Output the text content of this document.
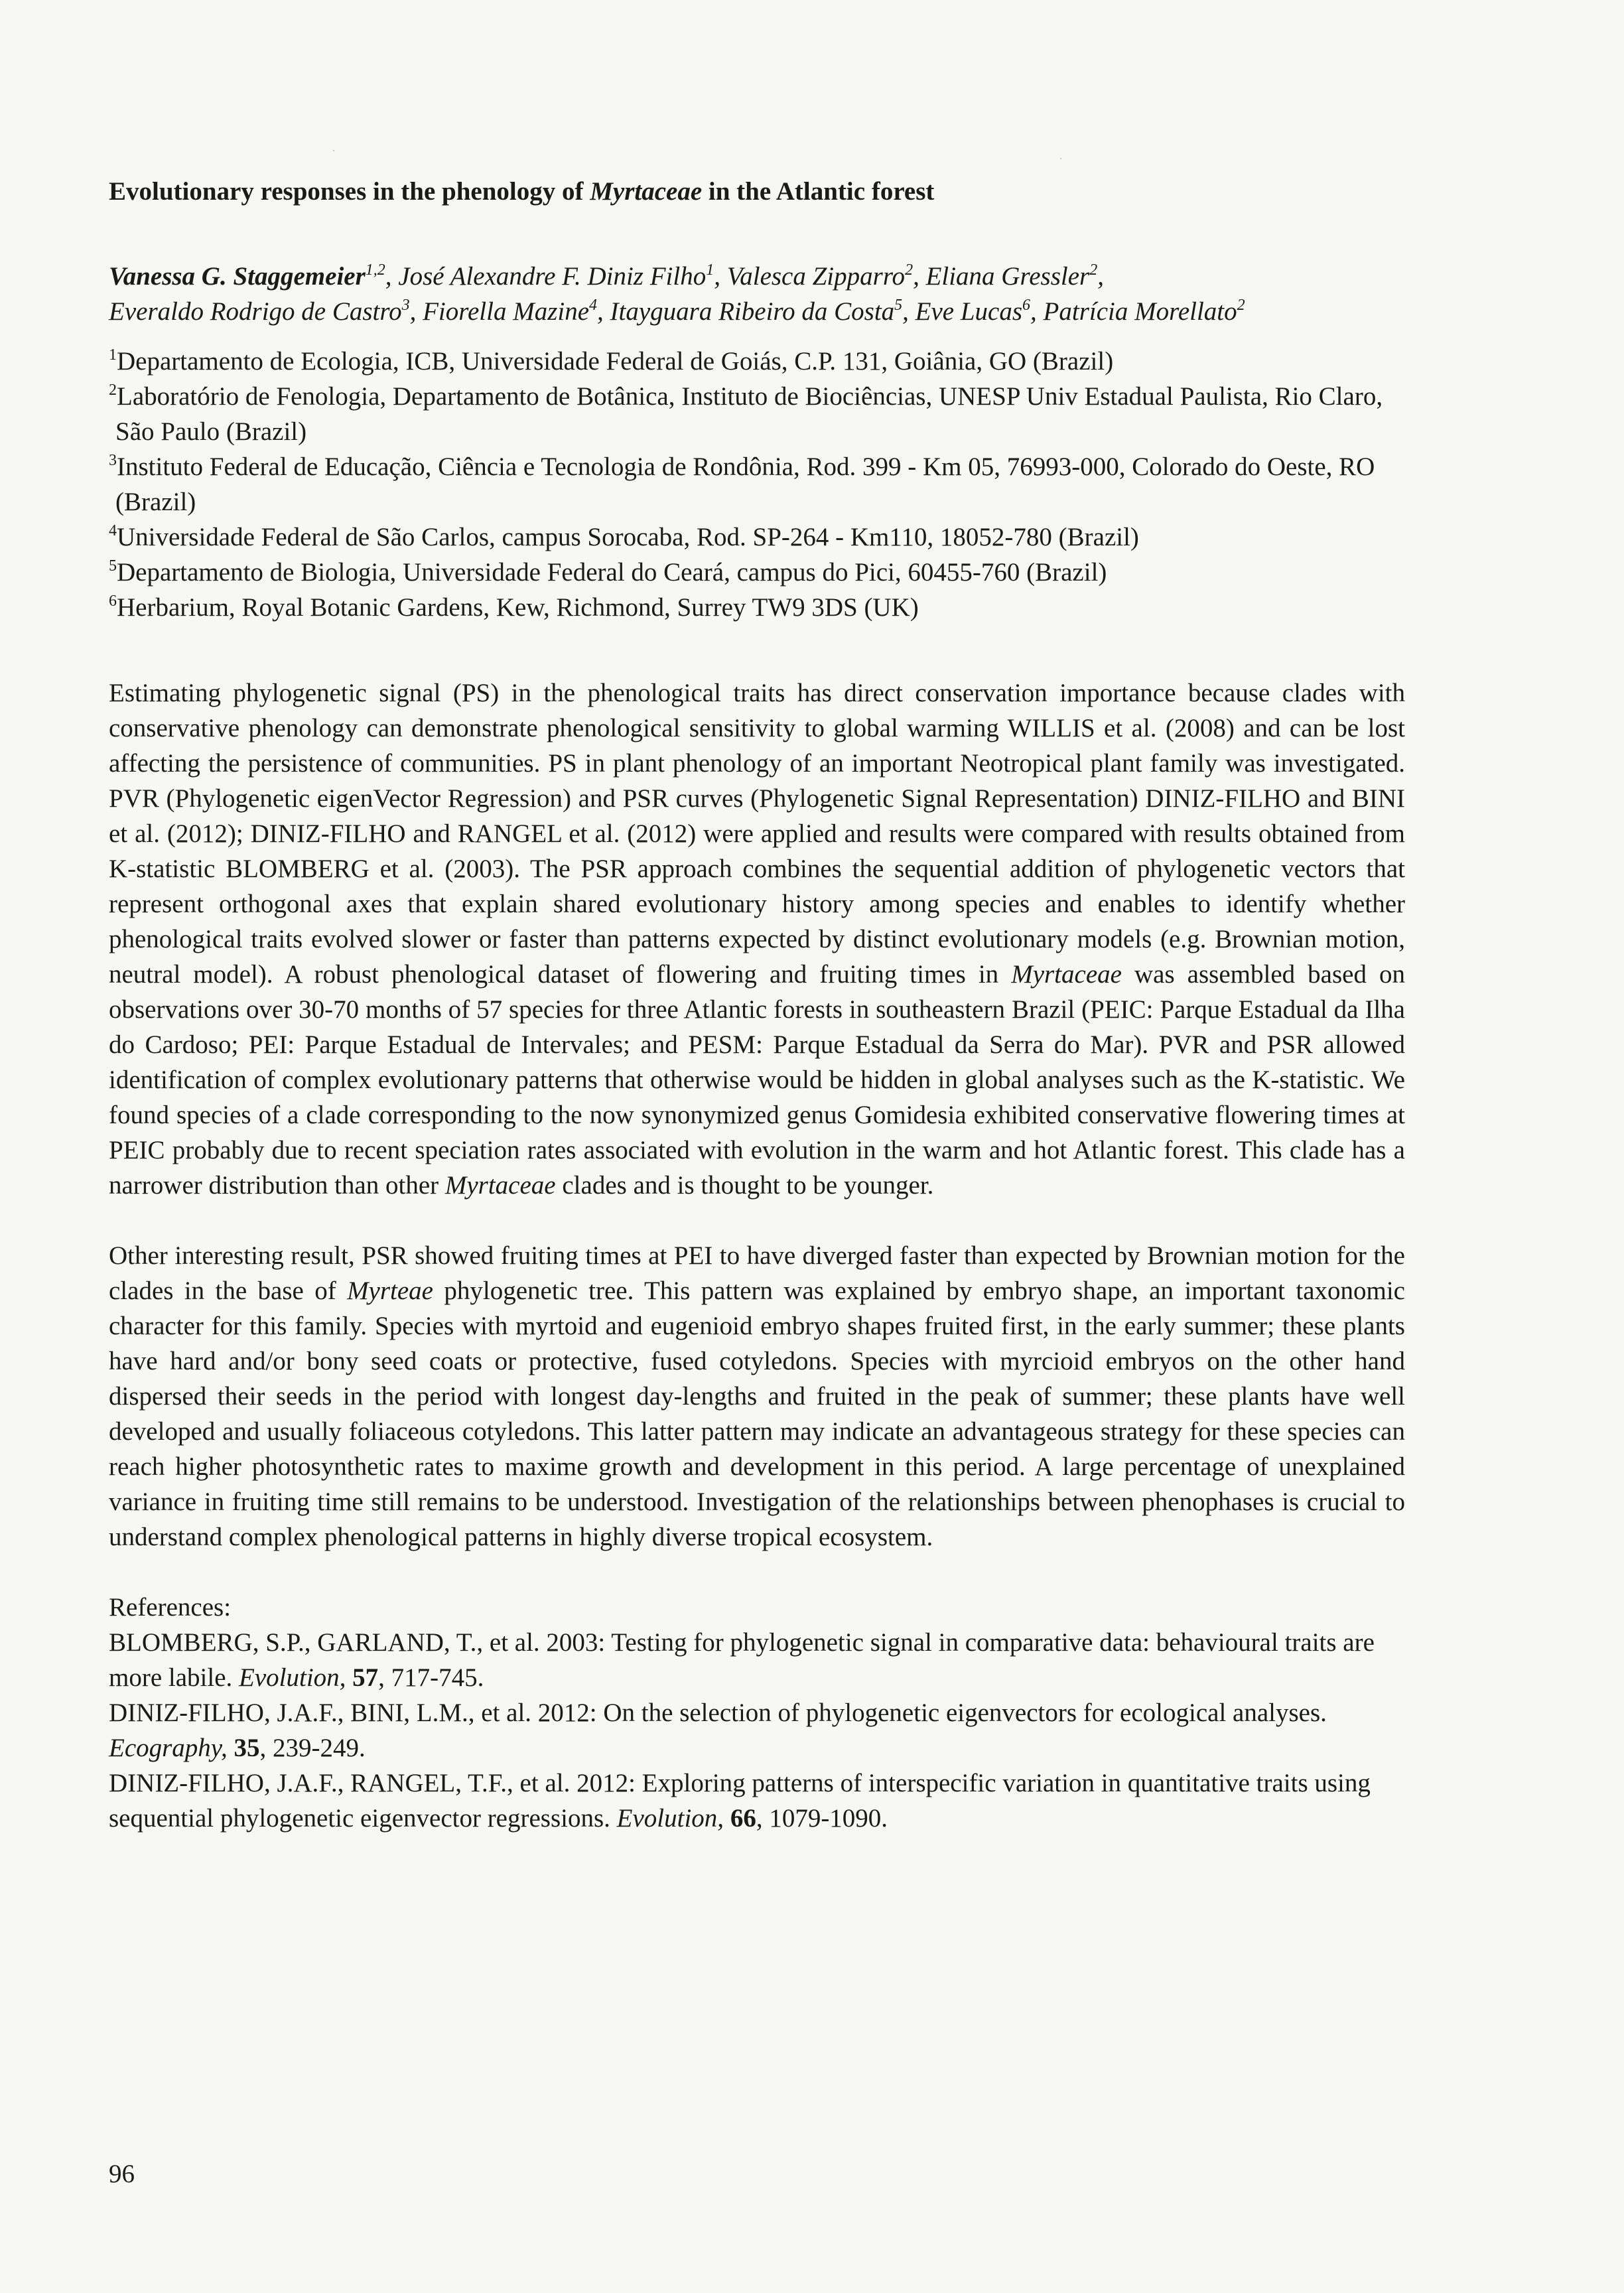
Evolutionary responses in the phenology of Myrtaceae in the Atlantic forest
Vanessa G. Staggemeier$^{1,2}$, José Alexandre F. Diniz Filho$^1$, Valesca Zipparro$^2$, Eliana Gressler$^2$,
Everaldo Rodrigo de Castro$^3$, Fiorella Mazine$^4$, Itayguara Ribeiro da Costa$^5$, Eve Lucas$^6$, Patrícia Morellato$^2$

$^1$Departamento de Ecologia, ICB, Universidade Federal de Goiás, C.P. 131, Goiânia, GO (Brazil)

$^2$Laboratório de Fenologia, Departamento de Botânica, Instituto de Biociências, UNESP Univ Estadual Paulista, Rio Claro, São Paulo (Brazil)

$^3$Instituto Federal de Educação, Ciência e Tecnologia de Rondônia, Rod. 399 - Km 05, 76993-000, Colorado do Oeste, RO (Brazil)

$^4$Universidade Federal de São Carlos, campus Sorocaba, Rod. SP-264 - Km110, 18052-780 (Brazil)

$^5$Departamento de Biologia, Universidade Federal do Ceará, campus do Pici, 60455-760 (Brazil)

$^6$Herbarium, Royal Botanic Gardens, Kew, Richmond, Surrey TW9 3DS (UK)

Estimating phylogenetic signal (PS) in the phenological traits has direct conservation importance because clades with conservative phenology can demonstrate phenological sensitivity to global warming WILLIS et al. (2008) and can be lost affecting the persistence of communities. PS in plant phenology of an important Neotropical plant family was investigated. PVR (Phylogenetic eigenVector Regression) and PSR curves (Phylogenetic Signal Representation) DINIZ-FILHO and BINI et al. (2012); DINIZ-FILHO and RANGEL et al. (2012) were applied and results were compared with results obtained from K-statistic BLOMBERG et al. (2003). The PSR approach combines the sequential addition of phylogenetic vectors that represent orthogonal axes that explain shared evolutionary history among species and enables to identify whether phenological traits evolved slower or faster than patterns expected by distinct evolutionary models (e.g. Brownian motion, neutral model). A robust phenological dataset of flowering and fruiting times in Myrtaceae was assembled based on observations over 30-70 months of 57 species for three Atlantic forests in southeastern Brazil (PEIC: Parque Estadual da Ilha do Cardoso; PEI: Parque Estadual de Intervales; and PESM: Parque Estadual da Serra do Mar). PVR and PSR allowed identification of complex evolutionary patterns that otherwise would be hidden in global analyses such as the K-statistic. We found species of a clade corresponding to the now synonymized genus Gomidesia exhibited conservative flowering times at PEIC probably due to recent speciation rates associated with evolution in the warm and hot Atlantic forest. This clade has a narrower distribution than other Myrtaceae clades and is thought to be younger.

Other interesting result, PSR showed fruiting times at PEI to have diverged faster than expected by Brownian motion for the clades in the base of Myrteae phylogenetic tree. This pattern was explained by embryo shape, an important taxonomic character for this family. Species with myrtoid and eugenioid embryo shapes fruited first, in the early summer; these plants have hard and/or bony seed coats or protective, fused cotyledons. Species with myrcioid embryos on the other hand dispersed their seeds in the period with longest day-lengths and fruited in the peak of summer; these plants have well developed and usually foliaceous cotyledons. This latter pattern may indicate an advantageous strategy for these species can reach higher photosynthetic rates to maxime growth and development in this period. A large percentage of unexplained variance in fruiting time still remains to be understood. Investigation of the relationships between phenophases is crucial to understand complex phenological patterns in highly diverse tropical ecosystem.

References:

BLOMBERG, S.P., GARLAND, T., et al. 2003: Testing for phylogenetic signal in comparative data: behavioural traits are more labile. Evolution, 57, 717-745.

DINIZ-FILHO, J.A.F., BINI, L.M., et al. 2012: On the selection of phylogenetic eigenvectors for ecological analyses. Ecography, 35, 239-249.

DINIZ-FILHO, J.A.F., RANGEL, T.F., et al. 2012: Exploring patterns of interspecific variation in quantitative traits using sequential phylogenetic eigenvector regressions. Evolution, 66, 1079-1090.

96
